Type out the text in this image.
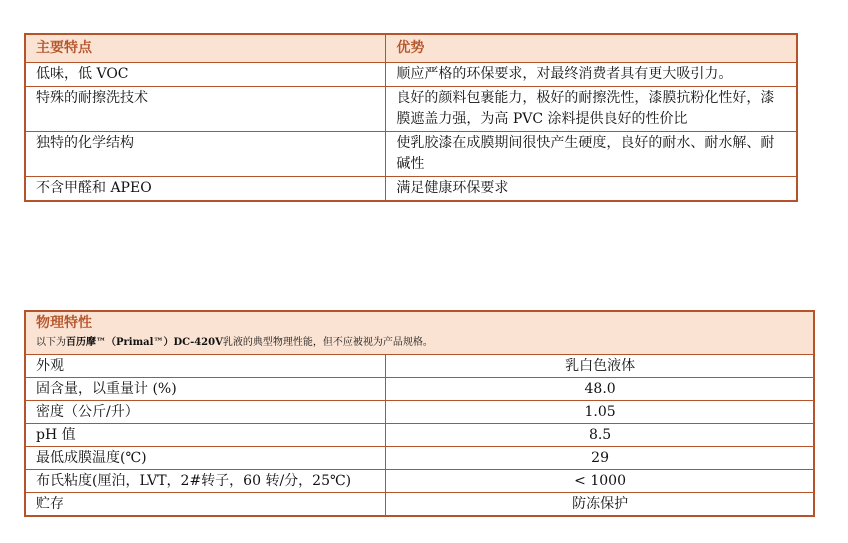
主要特点	优势
低味，低 VOC	顺应严格的环保要求，对最终消费者具有更大吸引力。
特殊的耐擦洗技术	良好的颜料包裹能力，极好的耐擦洗性，漆膜抗粉化性好，漆膜遮盖力强，为高 PVC 涂料提供良好的性价比
独特的化学结构	使乳胶漆在成膜期间很快产生硬度，良好的耐水、耐水解、耐碱性
不含甲醛和 APEO	满足健康环保要求
物理特性
以下为百历摩™（Primal™）DC-420V乳液的典型物理性能，但不应被视为产品规格。	

外观	乳白色液体
固含量，以重量计 (%)	48.0
密度（公斤/升）	1.05
pH 值	8.5
最低成膜温度(℃)	29
布氏粘度(厘泊，LVT，2#转子，60 转/分，25℃)	< 1000
贮存	防冻保护
